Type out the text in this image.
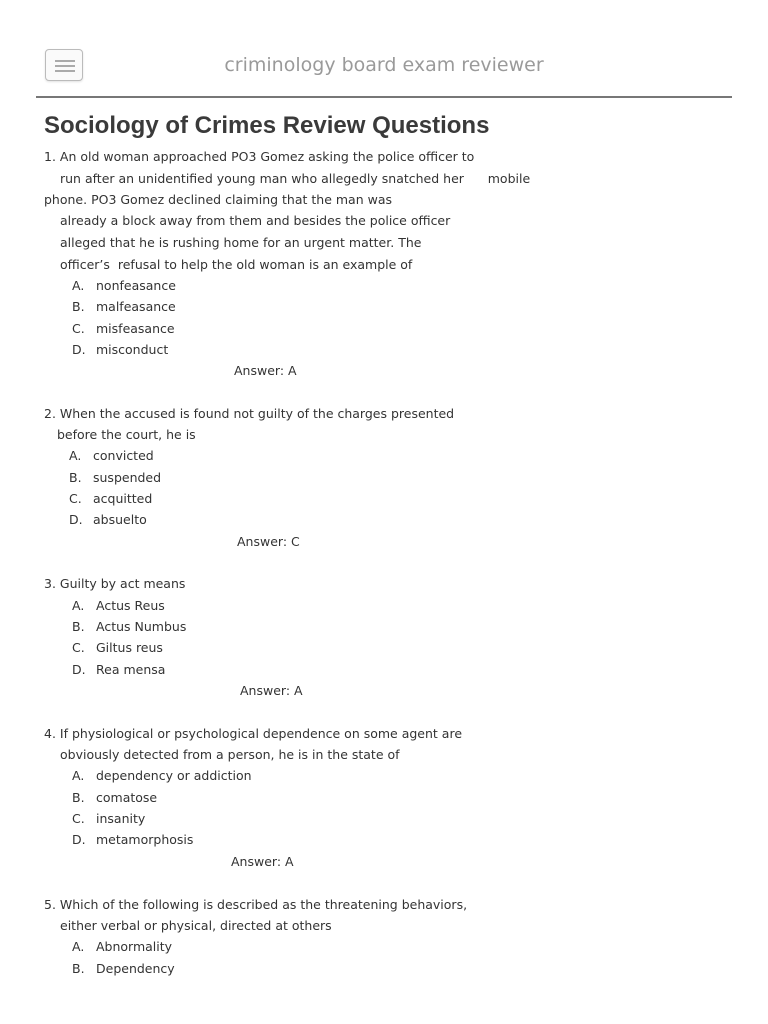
criminology board exam reviewer
Sociology of Crimes Review Questions
1. An old woman approached PO3 Gomez asking the police officer to
run after an unidentified young man who allegedly snatched her      mobile
phone. PO3 Gomez declined claiming that the man was
already a block away from them and besides the police officer
alleged that he is rushing home for an urgent matter. The
officer’s  refusal to help the old woman is an example of
A. nonfeasance
B. malfeasance
C. misfeasance
D. misconduct
Answer: A
2. When the accused is found not guilty of the charges presented
before the court, he is
A. convicted
B. suspended
C. acquitted
D. absuelto
Answer: C
3. Guilty by act means
A. Actus Reus
B. Actus Numbus
C. Giltus reus
D. Rea mensa
Answer: A
4. If physiological or psychological dependence on some agent are
obviously detected from a person, he is in the state of
A. dependency or addiction
B. comatose
C. insanity
D. metamorphosis
Answer: A
5. Which of the following is described as the threatening behaviors,
either verbal or physical, directed at others
A. Abnormality
B. Dependency
